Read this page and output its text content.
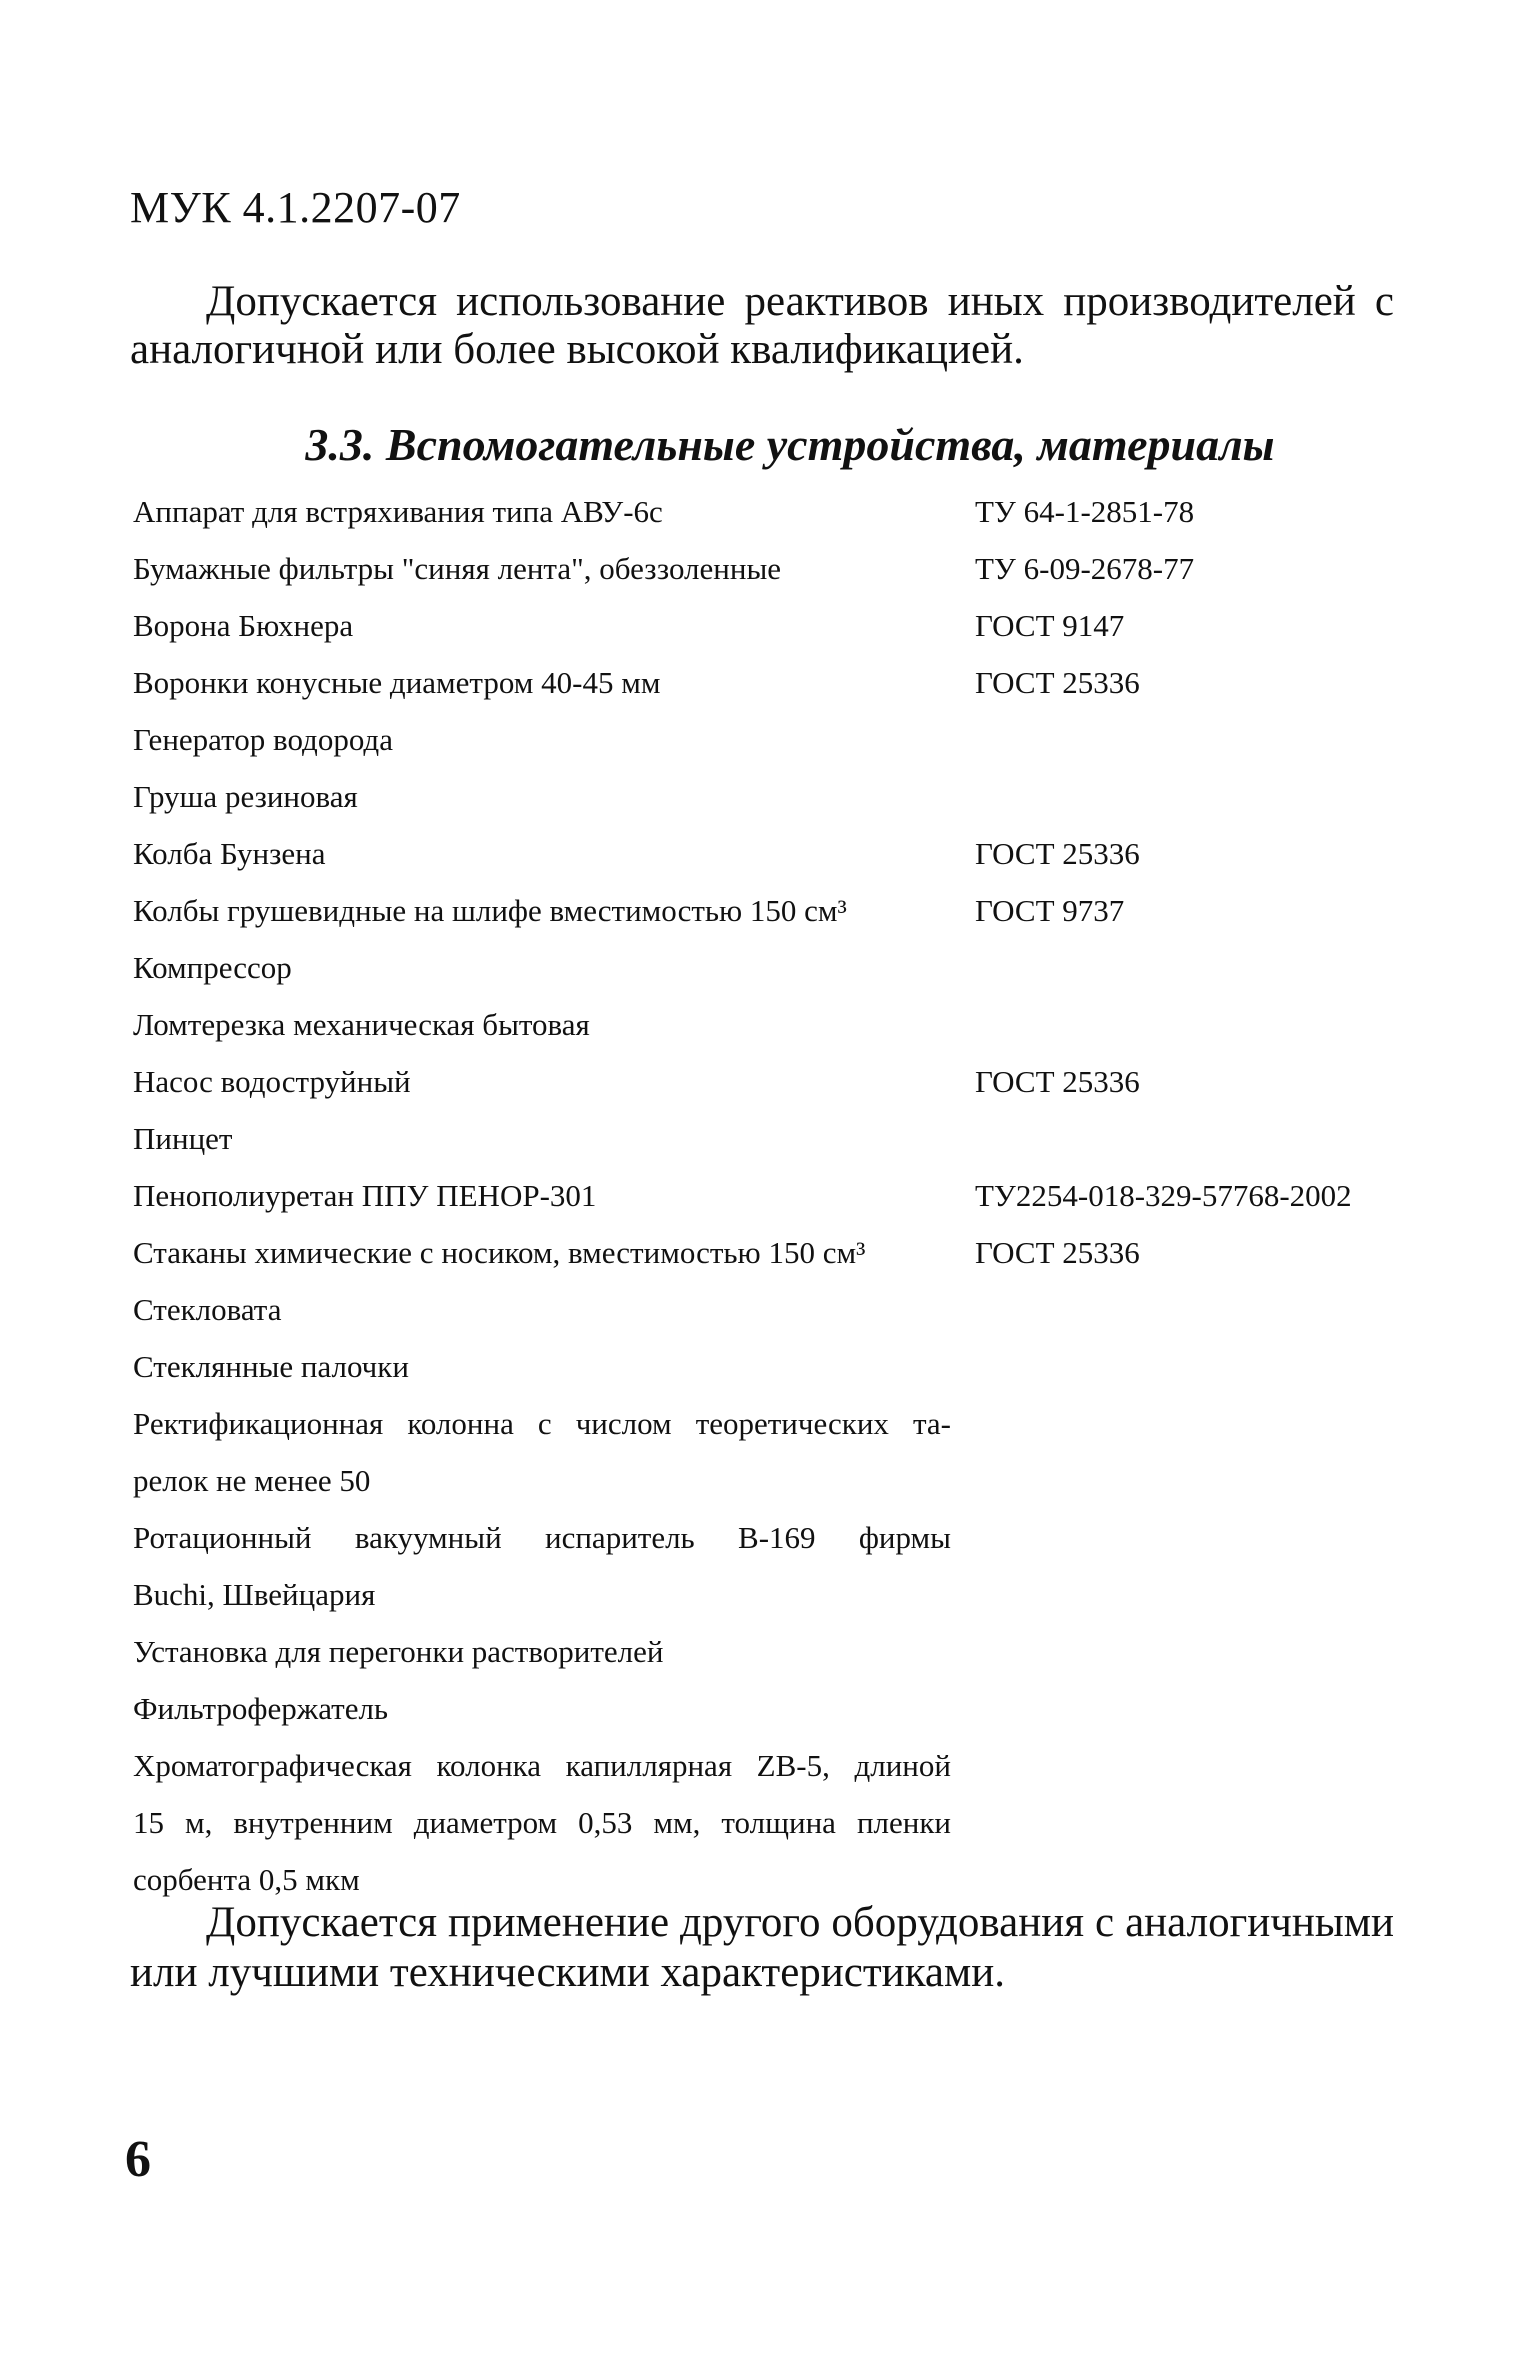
МУК 4.1.2207-07

Допускается использование реактивов иных производителей с аналогичной или более высокой квалификацией.

3.3. Вспомогательные устройства, материалы
Аппарат для встряхивания типа АВУ-6с	ТУ 64-1-2851-78
Бумажные фильтры "синяя лента", обеззоленные	ТУ 6-09-2678-77
Ворона Бюхнера	ГОСТ 9147
Воронки конусные диаметром 40-45 мм	ГОСТ 25336
Генератор водорода
Груша резиновая
Колба Бунзена	ГОСТ 25336
Колбы грушевидные на шлифе вместимостью 150 см³	ГОСТ 9737
Компрессор
Ломтерезка механическая бытовая
Насос водоструйный	ГОСТ 25336
Пинцет
Пенополиуретан ППУ ПЕНОР-301	ТУ2254-018-329-57768-2002
Стаканы химические с носиком, вместимостью 150 см³	ГОСТ 25336
Стекловата
Стеклянные палочки
Ректификационная колонна с числом теоретических та-
релок не менее 50
Ротационный вакуумный испаритель В-169 фирмы
Buchi, Швейцария
Установка для перегонки растворителей
Фильтрофержатель
Хроматографическая колонка капиллярная ZB-5, длиной
15 м, внутренним диаметром 0,53 мм, толщина пленки
сорбента 0,5 мкм

Допускается применение другого оборудования с аналогичными или лучшими техническими характеристиками.

6
